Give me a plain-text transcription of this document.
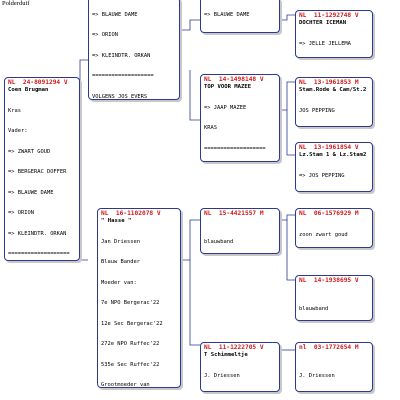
Polderduif

=> BLAUWE DAME

=> ORION

=> KLEINDTR. ORKAN

===================

VOLGENS JOS EVERS

NL  24-8091294 V
Coen Brugman

Kras

Vader:

=> ZWART GOUD

=> BERGERAC DOFFER

=> BLAUWE DAME

=> ORION

=> KLEINDTR. ORKAN

===================

=> BLAUWE DAME

NL  14-1498148 V
TOP VOOR MAZEE

=> JAAP MAZEE

KRAS

===================

NL  11-1292748 V
DOCHTER ICEMAN

=> JELLE JELLEMA

NL  13-1961853 M
Stam.Rode & Cam/St.2

JOS PEPPING

NL  13-1961854 V
Lz.Stam 1 & Lz.Stam2

=> JOS PEPPING

NL  16-1102078 V
" Hasse "

Jan Driessen

Blauw Bander

Moeder van:

7e NPO Bergerac'22

12e Sec Bergerac'22

272e NPO Ruffec'22

535e Sec Ruffec'22

Grootmoeder van

NL  15-4421557 M

blauwband

NL  06-1576929 M

zoon zwart goud

NL  14-1938695 V

blauwband

NL  11-1222705 V
T Schimmeltje

J. Driessen

nl  03-1772654 M

J. Driessen
